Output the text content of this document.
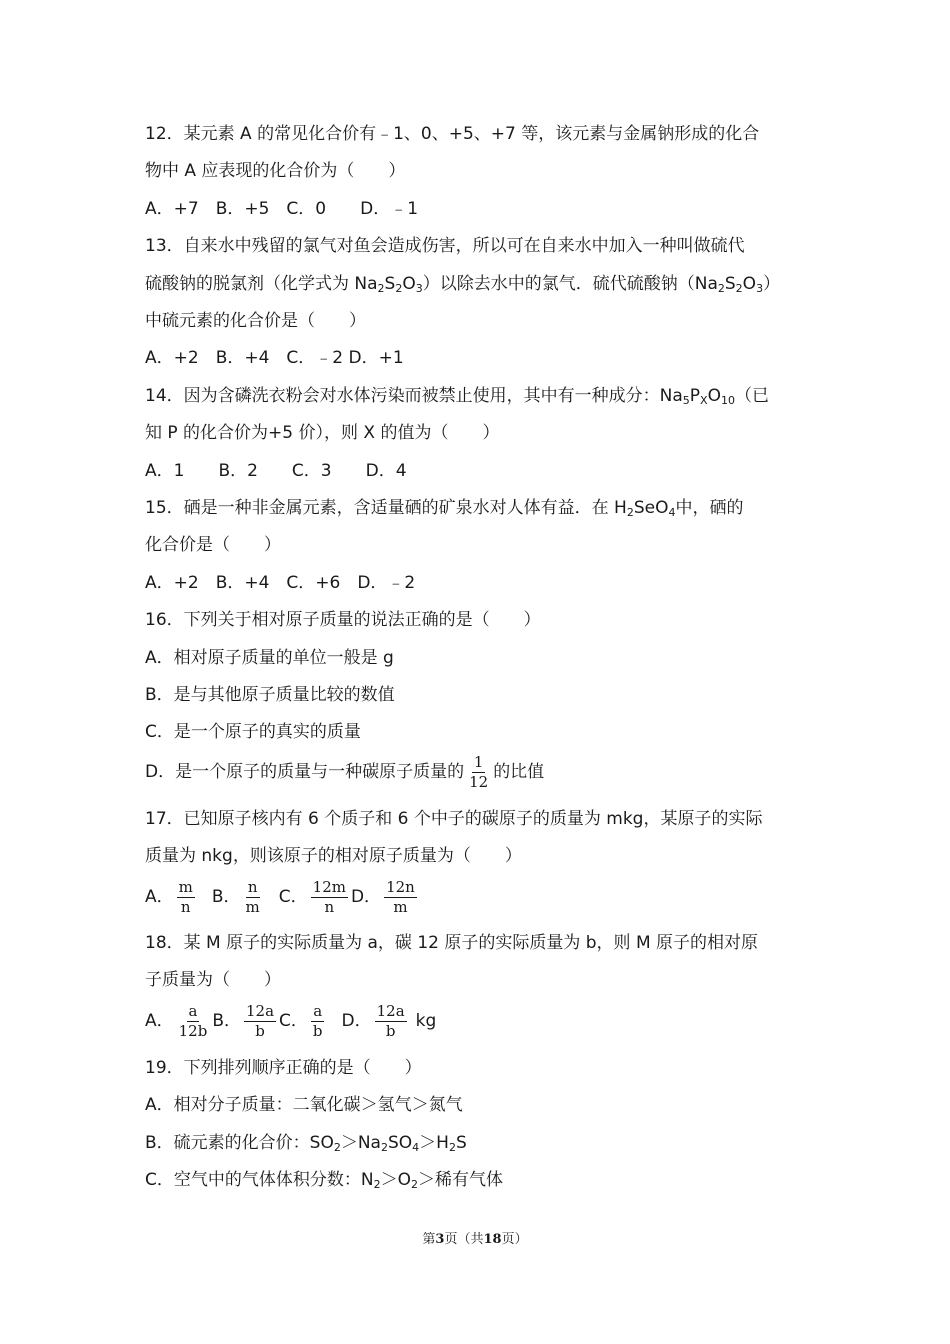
12．某元素 A 的常见化合价有﹣1、0、+5、+7 等，该元素与金属钠形成的化合
物中 A 应表现的化合价为（　　）
A．+7　B．+5　C．0　　D．﹣1
13．自来水中残留的氯气对鱼会造成伤害，所以可在自来水中加入一种叫做硫代
硫酸钠的脱氯剂（化学式为 $Na_2S_2O_3$）以除去水中的氯气．硫代硫酸钠$(Na_2S_2O_3)$
中硫元素的化合价是（　　）
A．+2　B．+4　C．﹣2 D．+1
14．因为含磷洗衣粉会对水体污染而被禁止使用，其中有一种成分：$Na_5P_XO_{10}$（已
知 P 的化合价为+5 价），则 X 的值为（　　）
A．1　　B．2　　C．3　　D．4
15．硒是一种非金属元素，含适量硒的矿泉水对人体有益．在 $H_2SeO_4$中，硒的
化合价是（　　）
A．+2　B．+4　C．+6　D．﹣2
16．下列关于相对原子质量的说法正确的是（　　）
A．相对原子质量的单位一般是 g
B．是与其他原子质量比较的数值
C．是一个原子的真实的质量
D．是一个原子的质量与一种碳原子质量的 $\frac{1}{12}$ 的比值
17．已知原子核内有 6 个质子和 6 个中子的碳原子的质量为 mkg，某原子的实际
质量为 nkg，则该原子的相对原子质量为（　　）
A． $\frac{m}{n}$ B． $\frac{n}{m}$ C． $\frac{12m}{n}$ D． $\frac{12n}{m}$
18．某 M 原子的实际质量为 a，碳 12 原子的实际质量为 b，则 M 原子的相对原
子质量为（　　）
A． $\frac{a}{12b}$ B． $\frac{12a}{b}$ C． $\frac{a}{b}$ D． $\frac{12a}{b}$ kg
19．下列排列顺序正确的是（　　）
A．相对分子质量：二氧化碳＞氢气＞氮气
B．硫元素的化合价：$SO_2>Na_2SO_4>H_2S$
C．空气中的气体体积分数：$N_2>O_2>$稀有气体
第3页（共18页）
